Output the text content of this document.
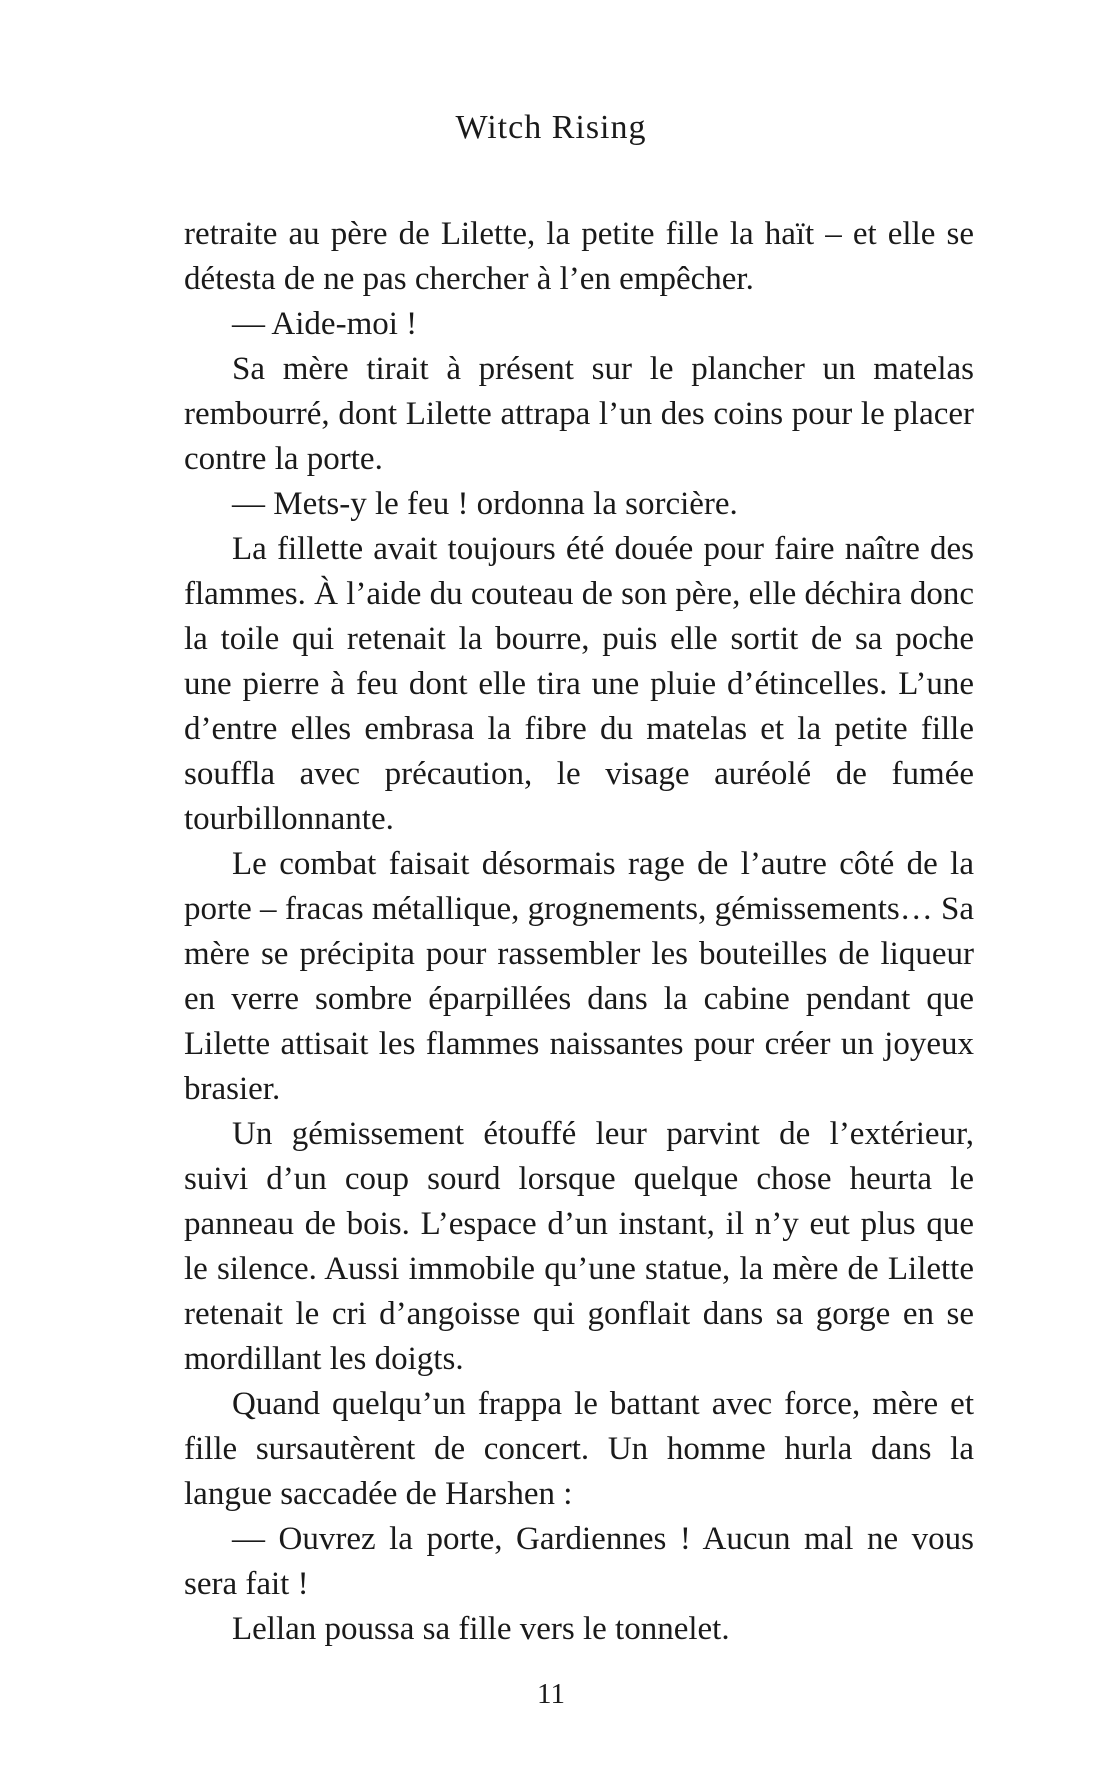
Witch Rising

retraite au père de Lilette, la petite fille la haït – et elle se détesta de ne pas chercher à l’en empêcher.

— Aide-moi !

Sa mère tirait à présent sur le plancher un matelas rembourré, dont Lilette attrapa l’un des coins pour le placer contre la porte.

— Mets-y le feu ! ordonna la sorcière.

La fillette avait toujours été douée pour faire naître des flammes. À l’aide du couteau de son père, elle déchira donc la toile qui retenait la bourre, puis elle sortit de sa poche une pierre à feu dont elle tira une pluie d’étincelles. L’une d’entre elles embrasa la fibre du matelas et la petite fille souffla avec précaution, le visage auréolé de fumée tourbillonnante.

Le combat faisait désormais rage de l’autre côté de la porte – fracas métallique, grognements, gémissements… Sa mère se précipita pour rassembler les bouteilles de liqueur en verre sombre éparpillées dans la cabine pendant que Lilette attisait les flammes naissantes pour créer un joyeux brasier.

Un gémissement étouffé leur parvint de l’extérieur, suivi d’un coup sourd lorsque quelque chose heurta le panneau de bois. L’espace d’un instant, il n’y eut plus que le silence. Aussi immobile qu’une statue, la mère de Lilette retenait le cri d’angoisse qui gonflait dans sa gorge en se mordillant les doigts.

Quand quelqu’un frappa le battant avec force, mère et fille sursautèrent de concert. Un homme hurla dans la langue saccadée de Harshen :

— Ouvrez la porte, Gardiennes ! Aucun mal ne vous sera fait !

Lellan poussa sa fille vers le tonnelet.

11
